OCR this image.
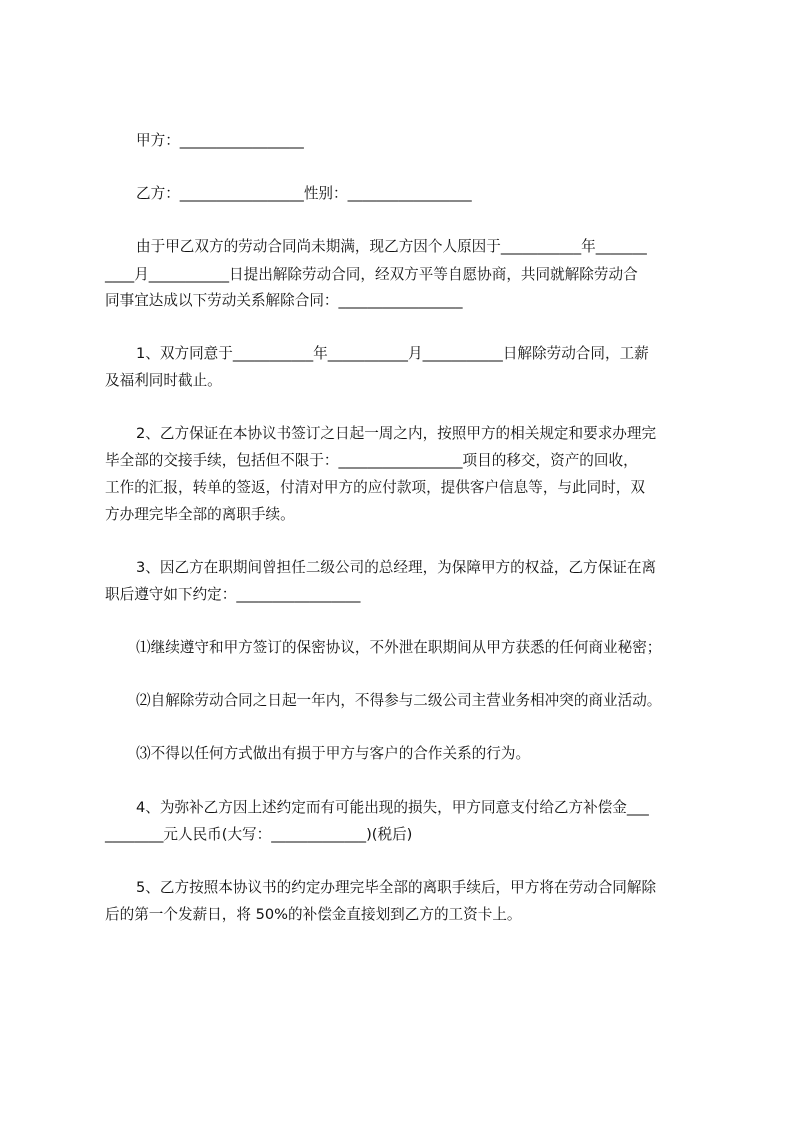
甲方：_________________

乙方：_________________性别：_________________

由于甲乙双方的劳动合同尚未期满，现乙方因个人原因于___________年_______

____月___________日提出解除劳动合同，经双方平等自愿协商，共同就解除劳动合

同事宜达成以下劳动关系解除合同：_________________

1、双方同意于___________年___________月___________日解除劳动合同，工薪

及福利同时截止。

2、乙方保证在本协议书签订之日起一周之内，按照甲方的相关规定和要求办理完

毕全部的交接手续，包括但不限于：_________________项目的移交，资产的回收，

工作的汇报，转单的签返，付清对甲方的应付款项，提供客户信息等，与此同时，双

方办理完毕全部的离职手续。

3、因乙方在职期间曾担任二级公司的总经理，为保障甲方的权益，乙方保证在离

职后遵守如下约定：_________________

⑴继续遵守和甲方签订的保密协议，不外泄在职期间从甲方获悉的任何商业秘密；

⑵自解除劳动合同之日起一年内，不得参与二级公司主营业务相冲突的商业活动。

⑶不得以任何方式做出有损于甲方与客户的合作关系的行为。

4、为弥补乙方因上述约定而有可能出现的损失，甲方同意支付给乙方补偿金___

________元人民币(大写：_____________)(税后)

5、乙方按照本协议书的约定办理完毕全部的离职手续后，甲方将在劳动合同解除

后的第一个发薪日，将 50%的补偿金直接划到乙方的工资卡上。
